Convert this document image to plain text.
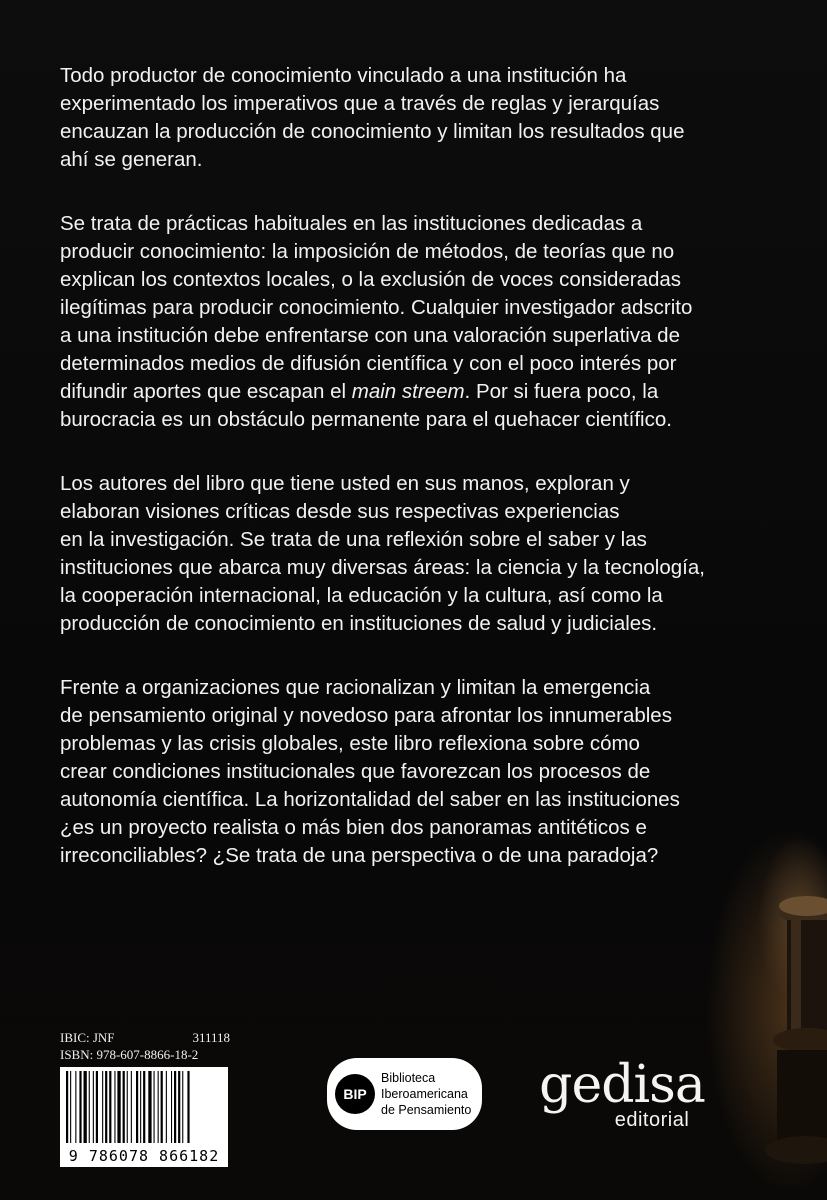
Todo productor de conocimiento vinculado a una institución ha
experimentado los imperativos que a través de reglas y jerarquías
encauzan la producción de conocimiento y limitan los resultados que
ahí se generan.

Se trata de prácticas habituales en las instituciones dedicadas a
producir conocimiento: la imposición de métodos, de teorías que no
explican los contextos locales, o la exclusión de voces consideradas
ilegítimas para producir conocimiento. Cualquier investigador adscrito
a una institución debe enfrentarse con una valoración superlativa de
determinados medios de difusión científica y con el poco interés por
difundir aportes que escapan el main streem. Por si fuera poco, la
burocracia es un obstáculo permanente para el quehacer científico.

Los autores del libro que tiene usted en sus manos, exploran y
elaboran visiones críticas desde sus respectivas experiencias
en la investigación. Se trata de una reflexión sobre el saber y las
instituciones que abarca muy diversas áreas: la ciencia y la tecnología,
la cooperación internacional, la educación y la cultura, así como la
producción de conocimiento en instituciones de salud y judiciales.

Frente a organizaciones que racionalizan y limitan la emergencia
de pensamiento original y novedoso para afrontar los innumerables
problemas y las crisis globales, este libro reflexiona sobre cómo
crear condiciones institucionales que favorezcan los procesos de
autonomía científica. La horizontalidad del saber en las instituciones
¿es un proyecto realista o más bien dos panoramas antitéticos e
irreconciliables? ¿Se trata de una perspectiva o de una paradoja?

IBIC: JNF	311118
ISBN: 978-607-8866-18-2
9 786078 866182
BIP
Biblioteca
Iberoamericana
de Pensamiento	gedisa
editorial
